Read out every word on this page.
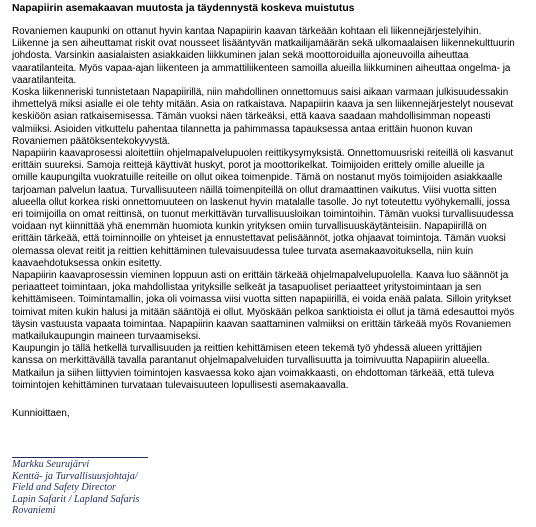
Napapiirin asemakaavan muutosta ja täydennystä koskeva muistutus
Rovaniemen kaupunki on ottanut hyvin kantaa Napapiirin kaavan tärkeään kohtaan eli liikennejärjestelyihin.
Liikenne ja sen aiheuttamat riskit ovat nousseet lisääntyvän matkailijamäärän sekä ulkomaalaisen liikennekulttuurin
johdosta. Varsinkin aasialaisten asiakkaiden liikkuminen jalan sekä moottoroiduilla ajoneuvoilla aiheuttaa
vaaratilanteita. Myös vapaa-ajan liikenteen ja ammattiliikenteen samoilla alueilla liikkuminen aiheuttaa ongelma- ja
vaaratilanteita.
Koska liikenneriski tunnistetaan Napapiirillä, niin mahdollinen onnettomuus saisi aikaan varmaan julkisuudessakin
ihmettelyä miksi asialle ei ole tehty mitään. Asia on ratkaistava. Napapiirin kaava ja sen liikennejärjestelyt nousevat
keskiöön asian ratkaisemisessa. Tämän vuoksi näen tärkeäksi, että kaava saadaan mahdollisimman nopeasti
valmiiksi. Asioiden vitkuttelu pahentaa tilannetta ja pahimmassa tapauksessa antaa erittäin huonon kuvan
Rovaniemen päätöksentekokyvystä.
Napapiirin kaavaprosessi aloitettiin ohjelmapalvelupuolen reittikysymyksistä. Onnettomuusriski reiteillä oli kasvanut
erittäin suureksi. Samoja reittejä käyttivät huskyt, porot ja moottorikelkat. Toimijoiden erittely omille alueille ja
omille kaupungilta vuokratuille reiteille on ollut oikea toimenpide. Tämä on nostanut myös toimijoiden asiakkaalle
tarjoaman palvelun laatua. Turvallisuuteen näillä toimenpiteillä on ollut dramaattinen vaikutus. Viisi vuotta sitten
alueella ollut korkea riski onnettomuuteen on laskenut hyvin matalalle tasolle. Jo nyt toteutettu vyöhykemalli, jossa
eri toimijoilla on omat reittinsä, on tuonut merkittävän turvallisuusloikan toimintoihin. Tämän vuoksi turvallisuudessa
voidaan nyt kiinnittää yhä enemmän huomiota kunkin yrityksen omiin turvallisuuskäytänteisiin. Napapiirillä on
erittäin tärkeää, että toiminnoille on yhteiset ja ennustettavat pelisäännöt, jotka ohjaavat toimintoja. Tämän vuoksi
olemassa olevat reitit ja reittien kehittäminen tulevaisuudessa tulee turvata asemakaavoituksella, niin kuin
kaavaehdotuksessa onkin esitetty.
Napapiirin kaavaprosessin vieminen loppuun asti on erittäin tärkeää ohjelmapalvelupuolella. Kaava luo säännöt ja
periaatteet toimintaan, joka mahdollistaa yrityksille selkeät ja tasapuoliset periaatteet yritystoimintaan ja sen
kehittämiseen. Toimintamallin, joka oli voimassa viisi vuotta sitten napapiirillä, ei voida enää palata. Silloin yritykset
toimivat miten kukin halusi ja mitään sääntöjä ei ollut. Myöskään pelkoa sanktioista ei ollut ja tämä edesauttoi myös
täysin vastuusta vapaata toimintaa. Napapiirin kaavan saattaminen valmiiksi on erittäin tärkeää myös Rovaniemen
matkailukaupungin maineen turvaamiseksi.
Kaupungin jo tällä hetkellä turvallisuuden ja reittien kehittämisen eteen tekemä työ yhdessä alueen yrittäjien
kanssa on merkittävällä tavalla parantanut ohjelmapalveluiden turvallisuutta ja toimivuutta Napapiirin alueella.
Matkailun ja siihen liittyvien toimintojen kasvaessa koko ajan voimakkaasti, on ehdottoman tärkeää, että tuleva
toimintojen kehittäminen turvataan tulevaisuuteen lopullisesti asemakaavalla.
Kunnioittaen,
Markku Seurujärvi
Kenttä- ja Turvallisuusjohtaja/
Field and Safety Director
Lapin Safarit / Lapland Safaris
Rovaniemi
